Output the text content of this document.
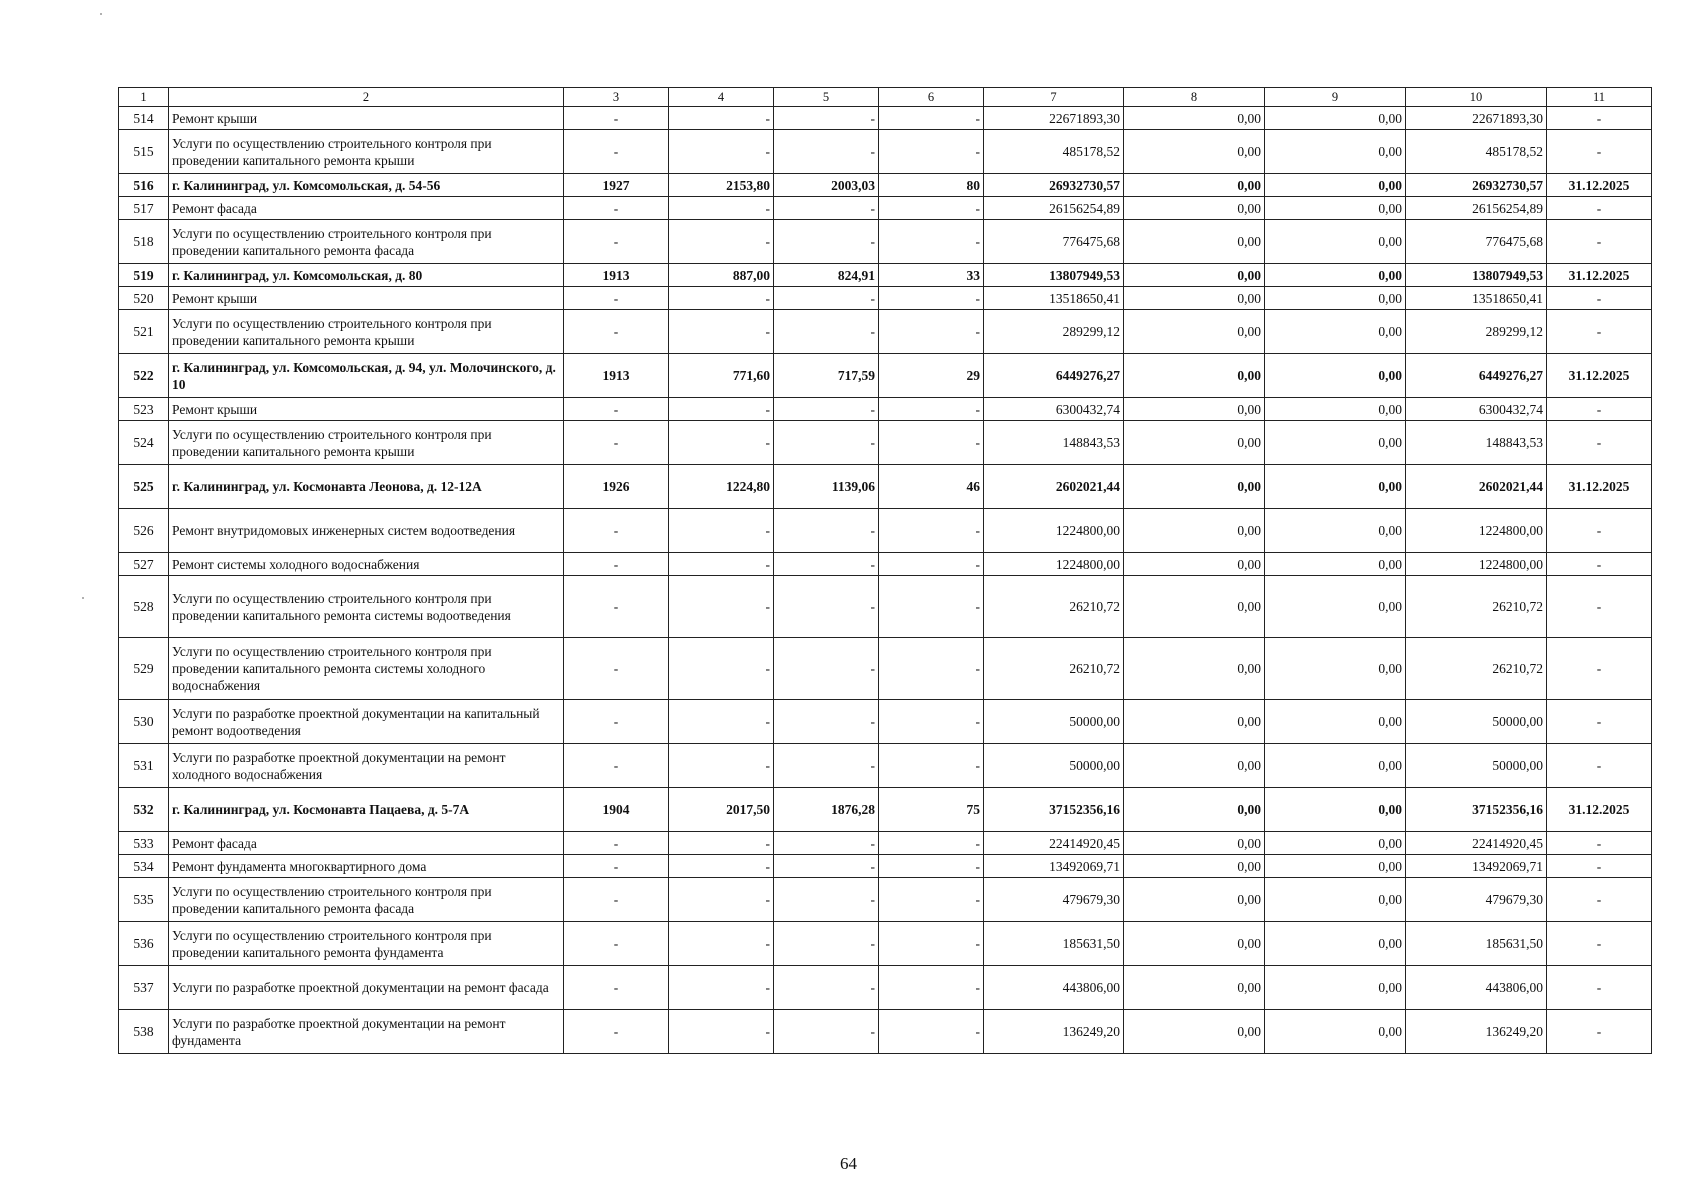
1	2	3	4	5	6	7	8	9	10	11
514	Ремонт крыши	-	-	-	-	22671893,30	0,00	0,00	22671893,30	-
515	Услуги по осуществлению строительного контроля при проведении капитального ремонта крыши	-	-	-	-	485178,52	0,00	0,00	485178,52	-
516	г. Калининград, ул. Комсомольская, д. 54-56	1927	2153,80	2003,03	80	26932730,57	0,00	0,00	26932730,57	31.12.2025
517	Ремонт фасада	-	-	-	-	26156254,89	0,00	0,00	26156254,89	-
518	Услуги по осуществлению строительного контроля при проведении капитального ремонта фасада	-	-	-	-	776475,68	0,00	0,00	776475,68	-
519	г. Калининград, ул. Комсомольская, д. 80	1913	887,00	824,91	33	13807949,53	0,00	0,00	13807949,53	31.12.2025
520	Ремонт крыши	-	-	-	-	13518650,41	0,00	0,00	13518650,41	-
521	Услуги по осуществлению строительного контроля при проведении капитального ремонта крыши	-	-	-	-	289299,12	0,00	0,00	289299,12	-
522	г. Калининград, ул. Комсомольская, д. 94, ул. Молочинского, д. 10	1913	771,60	717,59	29	6449276,27	0,00	0,00	6449276,27	31.12.2025
523	Ремонт крыши	-	-	-	-	6300432,74	0,00	0,00	6300432,74	-
524	Услуги по осуществлению строительного контроля при проведении капитального ремонта крыши	-	-	-	-	148843,53	0,00	0,00	148843,53	-
525	г. Калининград, ул. Космонавта Леонова, д. 12-12А	1926	1224,80	1139,06	46	2602021,44	0,00	0,00	2602021,44	31.12.2025
526	Ремонт внутридомовых инженерных систем водоотведения	-	-	-	-	1224800,00	0,00	0,00	1224800,00	-
527	Ремонт системы холодного водоснабжения	-	-	-	-	1224800,00	0,00	0,00	1224800,00	-
528	Услуги по осуществлению строительного контроля при проведении капитального ремонта системы водоотведения	-	-	-	-	26210,72	0,00	0,00	26210,72	-
529	Услуги по осуществлению строительного контроля при проведении капитального ремонта системы холодного водоснабжения	-	-	-	-	26210,72	0,00	0,00	26210,72	-
530	Услуги по разработке проектной документации на капитальный ремонт водоотведения	-	-	-	-	50000,00	0,00	0,00	50000,00	-
531	Услуги по разработке проектной документации на ремонт холодного водоснабжения	-	-	-	-	50000,00	0,00	0,00	50000,00	-
532	г. Калининград, ул. Космонавта Пацаева, д. 5-7А	1904	2017,50	1876,28	75	37152356,16	0,00	0,00	37152356,16	31.12.2025
533	Ремонт фасада	-	-	-	-	22414920,45	0,00	0,00	22414920,45	-
534	Ремонт фундамента многоквартирного дома	-	-	-	-	13492069,71	0,00	0,00	13492069,71	-
535	Услуги по осуществлению строительного контроля при проведении капитального ремонта фасада	-	-	-	-	479679,30	0,00	0,00	479679,30	-
536	Услуги по осуществлению строительного контроля при проведении капитального ремонта фундамента	-	-	-	-	185631,50	0,00	0,00	185631,50	-
537	Услуги по разработке проектной документации на ремонт фасада	-	-	-	-	443806,00	0,00	0,00	443806,00	-
538	Услуги по разработке проектной документации на ремонт фундамента	-	-	-	-	136249,20	0,00	0,00	136249,20	-
64
